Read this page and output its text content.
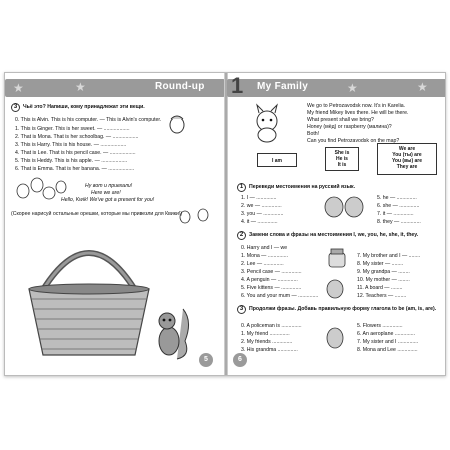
★	★	Round-up
3	Чьё это? Напиши, кому принадлежат эти вещи.
0. This is Alvin. This is his computer. — This is Alvin's computer.
1. This is Ginger. This is her sweet. — ..................
2. That is Mona. That is her schoolbag. — ..................
3. This is Harry. This is his house. — ..................
4. That is Lee. That is his pencil case. — ..................
5. This is Heddy. This is his apple. — ..................
6. That is Emma. That is her banana. — ..................
Ну вот и приехали!
Here we are!
Hello, Kwik! We've got a present for you!
(Скорее нарисуй остальные орешки, которые мы привезли для Квики!)
5
My Family	★	★
1
We go to Petrozavodsk now. It's in Karelia.
My friend Mikey lives there. He will be there.
What present shall we bring?
Honey (мёд) or raspberry (малина)?
Both!
Can you find Petrozavodsk on the map?
I am
She is
He is
It is
We are
You (ты) are
You (вы) are
They are
1	Переведи местоимения на русский язык.
1. I — ..............
2. we — ..............
3. you — ..............
4. it — ..............
5. he — ..............
6. she — ..............
7. it — ..............
8. they — ..............
2	Замени слова и фразы на местоимения I, we, you, he, she, it, they.
0. Harry and I — we
1. Mona — ..............
2. Lee — ..............
3. Pencil case — ..............
4. A penguin — ..............
5. Five kittens — ..............
6. You and your mum — ..............
7. My brother and I — ........
8. My sister — ........
9. My grandpa — ........
10. My mother — ........
11. A board — ........
12. Teachers — ........
3	Продолжи фразы. Добавь правильную форму глагола to be (am, is, are).
0. A policeman is ..............
1. My friend ..............
2. My friends ..............
3. His grandma ..............
5. Flowers ..............
6. An aeroplane ..............
7. My sister and I ..............
8. Mona and Lee ..............
6
